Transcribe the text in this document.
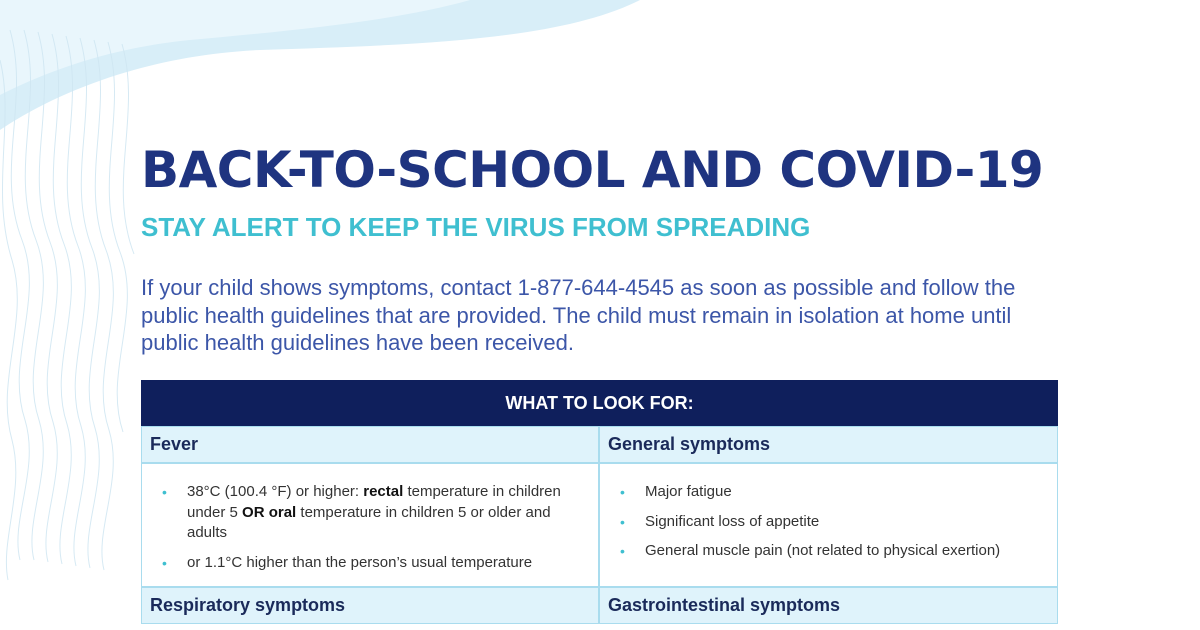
BACK-TO-SCHOOL AND COVID-19
STAY ALERT TO KEEP THE VIRUS FROM SPREADING

If your child shows symptoms, contact 1-877-644-4545 as soon as possible and follow the public health guidelines that are provided. The child must remain in isolation at home until public health guidelines have been received.

WHAT TO LOOK FOR:
Fever	General symptoms
• 38°C (100.4 °F) or higher: rectal temperature in children under 5 OR oral temperature in children 5 or older and adults
• or 1.1°C higher than the person’s usual temperature
• Major fatigue
• Significant loss of appetite
• General muscle pain (not related to physical exertion)
Respiratory symptoms	Gastrointestinal symptoms
